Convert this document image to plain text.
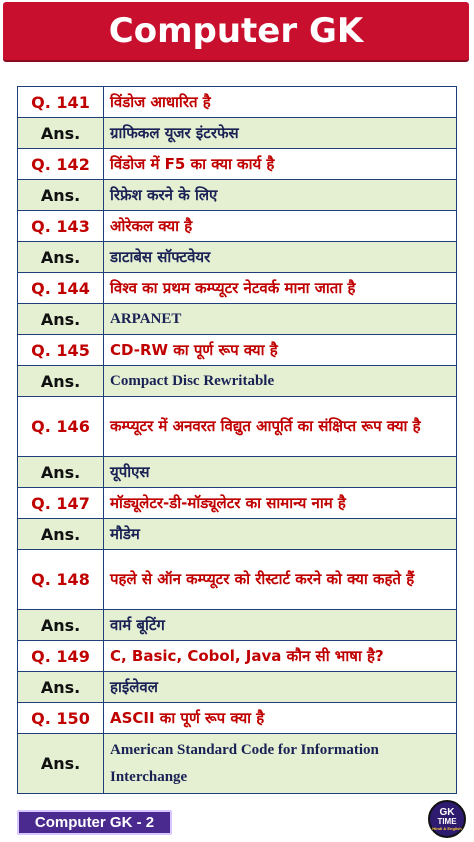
Computer GK
Q. 141	विंडोज आधारित है
Ans.	ग्राफिकल यूजर इंटरफेस
Q. 142	विंडोज में F5 का क्या कार्य है
Ans.	रिफ्रेश करने के लिए
Q. 143	ओरेकल क्या है
Ans.	डाटाबेस सॉफ्टवेयर
Q. 144	विश्व का प्रथम कम्प्यूटर नेटवर्क माना जाता है
Ans.	ARPANET
Q. 145	CD-RW का पूर्ण रूप क्या है
Ans.	Compact Disc Rewritable
Q. 146	कम्प्यूटर में अनवरत विद्युत आपूर्ति का संक्षिप्त रूप क्या है
Ans.	यूपीएस
Q. 147	मॉड्यूलेटर-डी-मॉड्यूलेटर का सामान्य नाम है
Ans.	मौडेम
Q. 148	पहले से ऑन कम्प्यूटर को रीस्टार्ट करने को क्या कहते हैं
Ans.	वार्म बूटिंग
Q. 149	C, Basic, Cobol, Java कौन सी भाषा है?
Ans.	हाईलेवल
Q. 150	ASCII का पूर्ण रूप क्या है
Ans.	American Standard Code for Information Interchange
Computer GK - 2
GK
TIME
Hindi & English
